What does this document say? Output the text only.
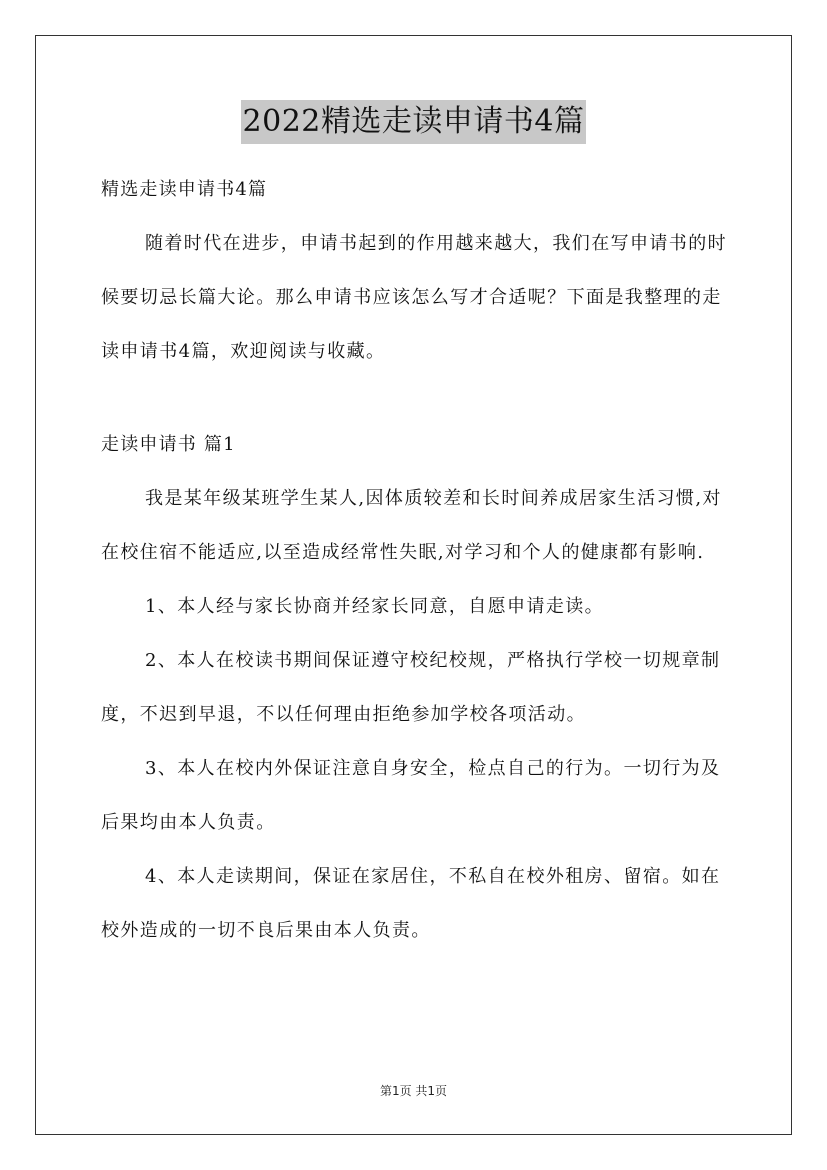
2022精选走读申请书4篇

精选走读申请书4篇

随着时代在进步，申请书起到的作用越来越大，我们在写申请书的时候要切忌长篇大论。那么申请书应该怎么写才合适呢？下面是我整理的走读申请书4篇，欢迎阅读与收藏。

走读申请书 篇1

我是某年级某班学生某人,因体质较差和长时间养成居家生活习惯,对在校住宿不能适应,以至造成经常性失眠,对学习和个人的健康都有影响.

1、本人经与家长协商并经家长同意，自愿申请走读。

2、本人在校读书期间保证遵守校纪校规，严格执行学校一切规章制度，不迟到早退，不以任何理由拒绝参加学校各项活动。

3、本人在校内外保证注意自身安全，检点自己的行为。一切行为及后果均由本人负责。

4、本人走读期间，保证在家居住，不私自在校外租房、留宿。如在校外造成的一切不良后果由本人负责。

第1页 共1页
